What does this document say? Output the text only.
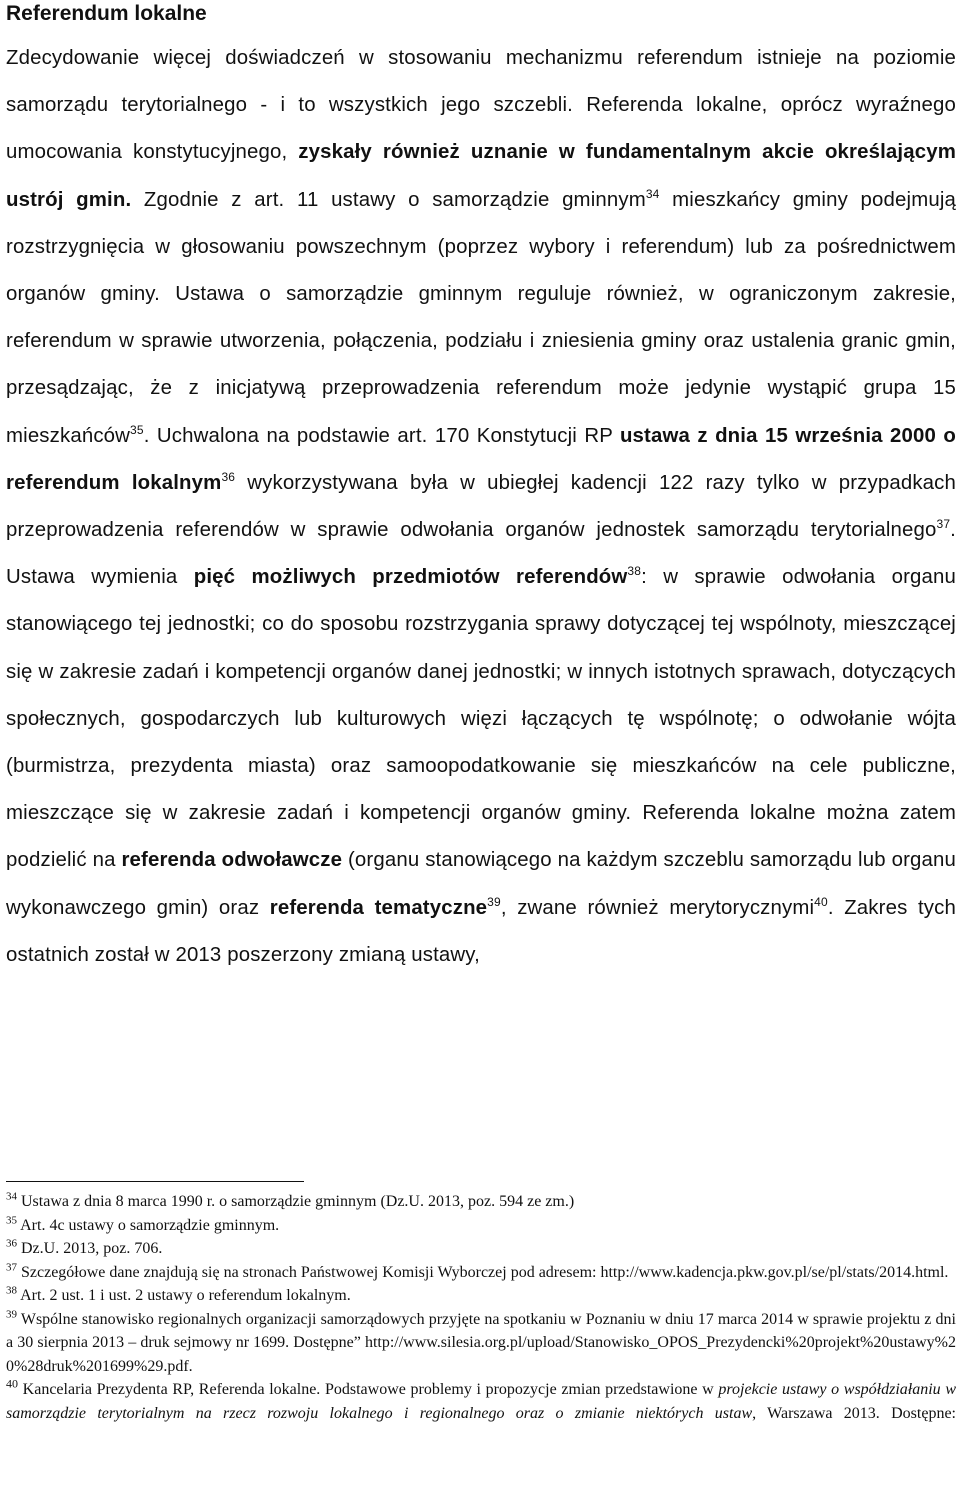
Referendum lokalne

Zdecydowanie więcej doświadczeń w stosowaniu mechanizmu referendum istnieje na poziomie samorządu terytorialnego - i to wszystkich jego szczebli. Referenda lokalne, oprócz wyraźnego umocowania konstytucyjnego, zyskały również uznanie w fundamentalnym akcie określającym ustrój gmin. Zgodnie z art. 11 ustawy o samorządzie gminnym$^{34}$ mieszkańcy gminy podejmują rozstrzygnięcia w głosowaniu powszechnym (poprzez wybory i referendum) lub za pośrednictwem organów gminy. Ustawa o samorządzie gminnym reguluje również, w ograniczonym zakresie, referendum w sprawie utworzenia, połączenia, podziału i zniesienia gminy oraz ustalenia granic gmin, przesądzając, że z inicjatywą przeprowadzenia referendum może jedynie wystąpić grupa 15 mieszkańców$^{35}$. Uchwalona na podstawie art. 170 Konstytucji RP ustawa z dnia 15 września 2000 o referendum lokalnym$^{36}$ wykorzystywana była w ubiegłej kadencji 122 razy tylko w przypadkach przeprowadzenia referendów w sprawie odwołania organów jednostek samorządu terytorialnego$^{37}$. Ustawa wymienia pięć możliwych przedmiotów referendów$^{38}$: w sprawie odwołania organu stanowiącego tej jednostki; co do sposobu rozstrzygania sprawy dotyczącej tej wspólnoty, mieszczącej się w zakresie zadań i kompetencji organów danej jednostki; w innych istotnych sprawach, dotyczących społecznych, gospodarczych lub kulturowych więzi łączących tę wspólnotę; o odwołanie wójta (burmistrza, prezydenta miasta) oraz samoopodatkowanie się mieszkańców na cele publiczne, mieszczące się w zakresie zadań i kompetencji organów gminy. Referenda lokalne można zatem podzielić na referenda odwoławcze (organu stanowiącego na każdym szczeblu samorządu lub organu wykonawczego gmin) oraz referenda tematyczne$^{39}$, zwane również merytorycznymi$^{40}$. Zakres tych ostatnich został w 2013 poszerzony zmianą ustawy,

$^{34}$ Ustawa z dnia 8 marca 1990 r. o samorządzie gminnym (Dz.U. 2013, poz. 594 ze zm.)

$^{35}$ Art. 4c ustawy o samorządzie gminnym.

$^{36}$ Dz.U. 2013, poz. 706.

$^{37}$ Szczegółowe dane znajdują się na stronach Państwowej Komisji Wyborczej pod adresem: http://www.kadencja.pkw.gov.pl/se/pl/stats/2014.html.

$^{38}$ Art. 2 ust. 1 i ust. 2 ustawy o referendum lokalnym.

$^{39}$ Wspólne stanowisko regionalnych organizacji samorządowych przyjęte na spotkaniu w Poznaniu w dniu 17 marca 2014 w sprawie projektu z dnia 30 sierpnia 2013 – druk sejmowy nr 1699. Dostępne” http://www.silesia.org.pl/upload/Stanowisko_OPOS_Prezydencki%20projekt%20ustawy%20%28druk%201699%29.pdf.

$^{40}$ Kancelaria Prezydenta RP, Referenda lokalne. Podstawowe problemy i propozycje zmian przedstawione w projekcie ustawy o współdziałaniu w samorządzie terytorialnym na rzecz rozwoju lokalnego i regionalnego oraz o zmianie niektórych ustaw, Warszawa 2013. Dostępne:
